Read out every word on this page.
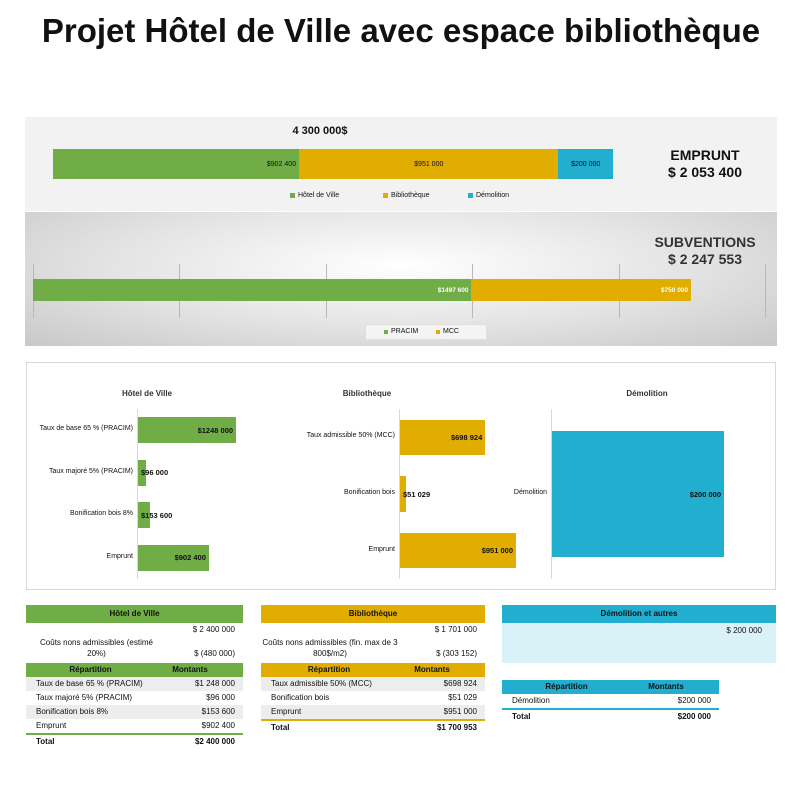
Projet Hôtel de Ville avec espace bibliothèque
4 300 000$
$902 400	$951 000	$200 000
Hôtel de Ville	Bibliothèque	Démolition
EMPRUNT
$ 2 053 400
SUBVENTIONS
$ 2 247 553
$1497 600	$750 000
PRACIM	MCC
Hôtel de Ville	Bibliothèque	Démolition
Taux de base 65 % (PRACIM)	$1248 000
Taux majoré 5% (PRACIM) $96 000
Bonification bois 8% $153 600
Emprunt	$902 400
Taux admissible 50% (MCC)	$698 924
Bonification bois $51 029
Emprunt	$951 000
Démolition	$200 000
Hôtel de Ville
$ 2 400 000
Coûts nons admissibles (estimé 20%)	$ (480 000)
Répartition	Montants
Taux de base 65 % (PRACIM)	$1 248 000
Taux majoré 5% (PRACIM)	$96 000
Bonification bois 8%	$153 600
Emprunt	$902 400
Total	$2 400 000
Bibliothèque
$ 1 701 000
Coûts nons admissibles (fin. max de 3 800$/m2)	$ (303 152)
Répartition	Montants
Taux admissible 50% (MCC)	$698 924
Bonification bois	$51 029
Emprunt	$951 000
Total	$1 700 953
Démolition et autres
$ 200 000
Répartition	Montants
Démolition	$200 000
Total	$200 000
